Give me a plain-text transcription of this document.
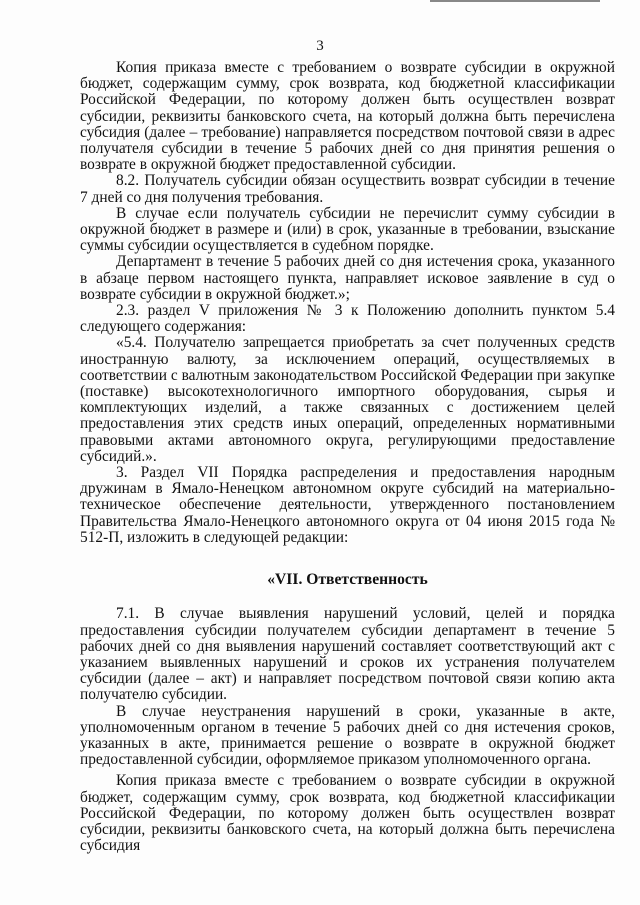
3

Копия приказа вместе с требованием о возврате субсидии в окружной бюджет, содержащим сумму, срок возврата, код бюджетной классификации Российской Федерации, по которому должен быть осуществлен возврат субсидии, реквизиты банковского счета, на который должна быть перечислена субсидия (далее – требование) направляется посредством почтовой связи в адрес получателя субсидии в течение 5 рабочих дней со дня принятия решения о возврате в окружной бюджет предоставленной субсидии.

8.2. Получатель субсидии обязан осуществить возврат субсидии в течение 7 дней со дня получения требования.

В случае если получатель субсидии не перечислит сумму субсидии в окружной бюджет в размере и (или) в срок, указанные в требовании, взыскание суммы субсидии осуществляется в судебном порядке.

Департамент в течение 5 рабочих дней со дня истечения срока, указанного в абзаце первом настоящего пункта, направляет исковое заявление в суд о возврате субсидии в окружной бюджет.»;

2.3. раздел V приложения № 3 к Положению дополнить пунктом 5.4 следующего содержания:

«5.4. Получателю запрещается приобретать за счет полученных средств иностранную валюту, за исключением операций, осуществляемых в соответствии с валютным законодательством Российской Федерации при закупке (поставке) высокотехнологичного импортного оборудования, сырья и комплектующих изделий, а также связанных с достижением целей предоставления этих средств иных операций, определенных нормативными правовыми актами автономного округа, регулирующими предоставление субсидий.».

3. Раздел VII Порядка распределения и предоставления народным дружинам в Ямало-Ненецком автономном округе субсидий на материально-техническое обеспечение деятельности, утвержденного постановлением Правительства Ямало-Ненецкого автономного округа от 04 июня 2015 года № 512-П, изложить в следующей редакции:

«VII. Ответственность

7.1. В случае выявления нарушений условий, целей и порядка предоставления субсидии получателем субсидии департамент в течение 5 рабочих дней со дня выявления нарушений составляет соответствующий акт с указанием выявленных нарушений и сроков их устранения получателем субсидии (далее – акт) и направляет посредством почтовой связи копию акта получателю субсидии.

В случае неустранения нарушений в сроки, указанные в акте, уполномоченным органом в течение 5 рабочих дней со дня истечения сроков, указанных в акте, принимается решение о возврате в окружной бюджет предоставленной субсидии, оформляемое приказом уполномоченного органа.

Копия приказа вместе с требованием о возврате субсидии в окружной бюджет, содержащим сумму, срок возврата, код бюджетной классификации Российской Федерации, по которому должен быть осуществлен возврат субсидии, реквизиты банковского счета, на который должна быть перечислена субсидия
